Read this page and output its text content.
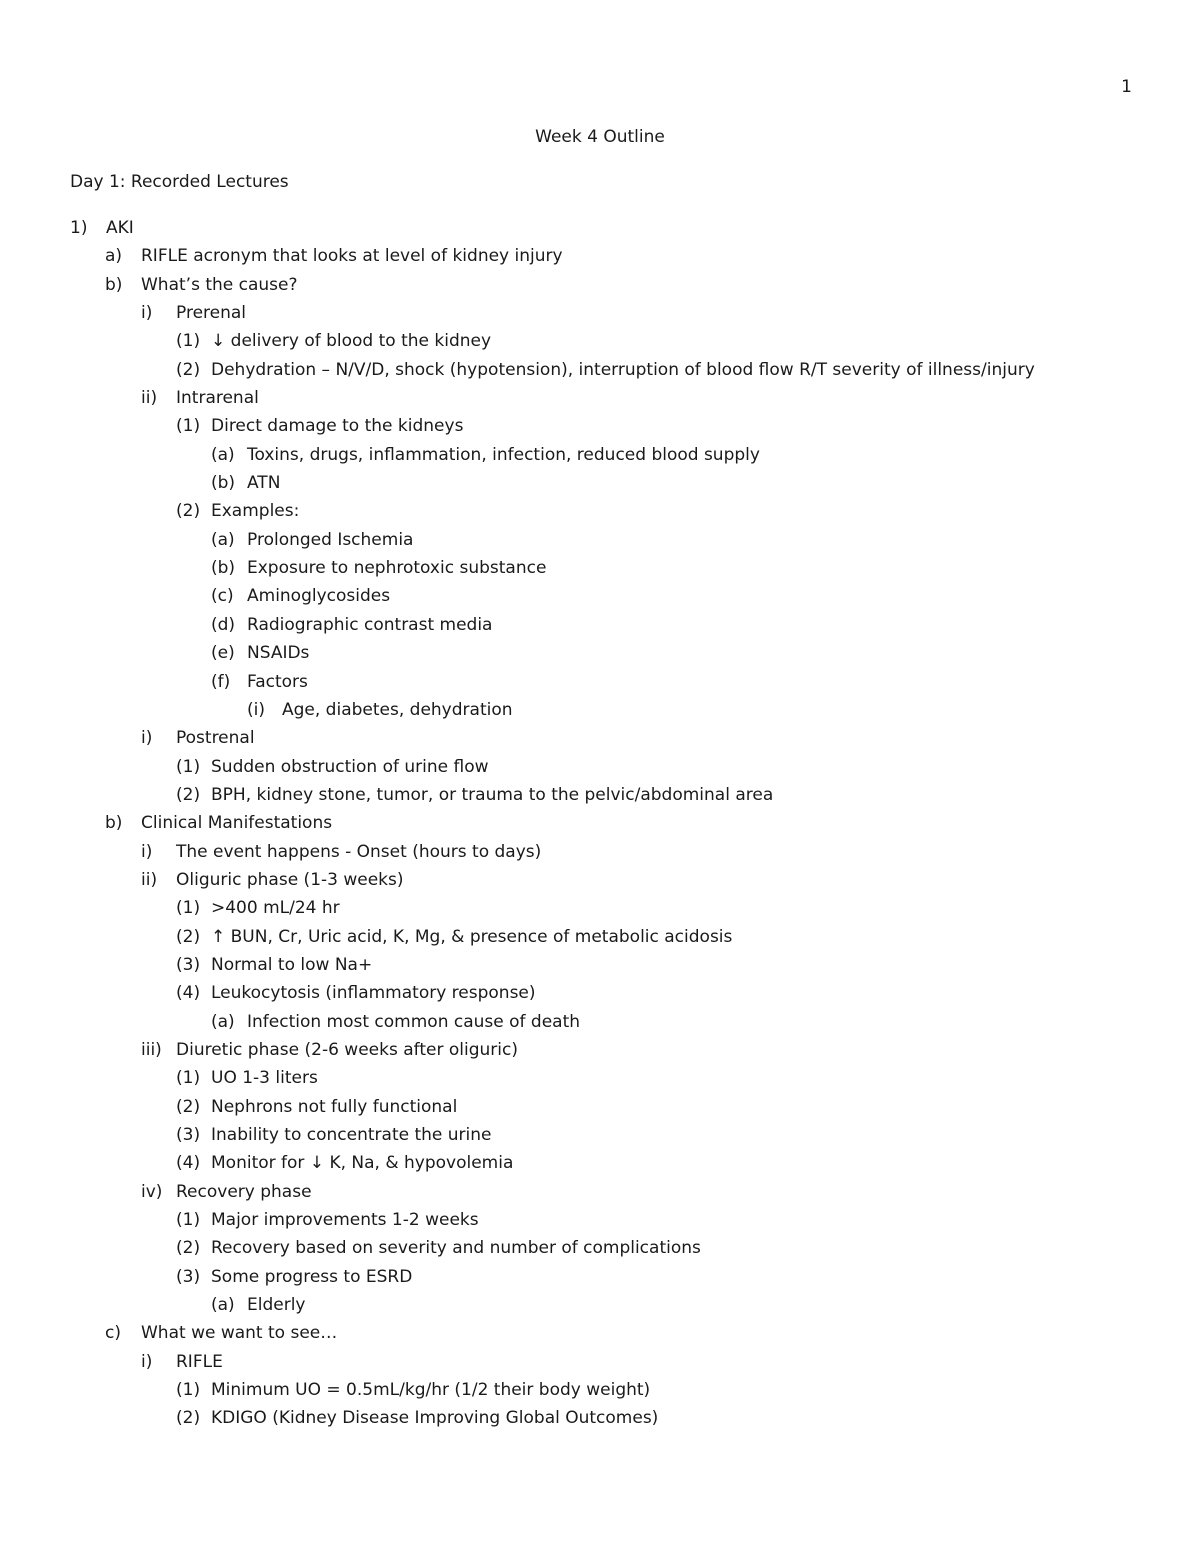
1
Week 4 Outline
Day 1: Recorded Lectures
1) AKI
a) RIFLE acronym that looks at level of kidney injury
b) What’s the cause?
i) Prerenal
(1) ↓ delivery of blood to the kidney
(2) Dehydration – N/V/D, shock (hypotension), interruption of blood flow R/T severity of illness/injury
ii) Intrarenal
(1) Direct damage to the kidneys
(a) Toxins, drugs, inflammation, infection, reduced blood supply
(b) ATN
(2) Examples:
(a) Prolonged Ischemia
(b) Exposure to nephrotoxic substance
(c) Aminoglycosides
(d) Radiographic contrast media
(e) NSAIDs
(f) Factors
(i) Age, diabetes, dehydration
i) Postrenal
(1) Sudden obstruction of urine flow
(2) BPH, kidney stone, tumor, or trauma to the pelvic/abdominal area
b) Clinical Manifestations
i) The event happens - Onset (hours to days)
ii) Oliguric phase (1-3 weeks)
(1) >400 mL/24 hr
(2) ↑ BUN, Cr, Uric acid, K, Mg, & presence of metabolic acidosis
(3) Normal to low Na+
(4) Leukocytosis (inflammatory response)
(a) Infection most common cause of death
iii) Diuretic phase (2-6 weeks after oliguric)
(1) UO 1-3 liters
(2) Nephrons not fully functional
(3) Inability to concentrate the urine
(4) Monitor for ↓ K, Na, & hypovolemia
iv) Recovery phase
(1) Major improvements 1-2 weeks
(2) Recovery based on severity and number of complications
(3) Some progress to ESRD
(a) Elderly
c) What we want to see…
i) RIFLE
(1) Minimum UO = 0.5mL/kg/hr (1/2 their body weight)
(2) KDIGO (Kidney Disease Improving Global Outcomes)
